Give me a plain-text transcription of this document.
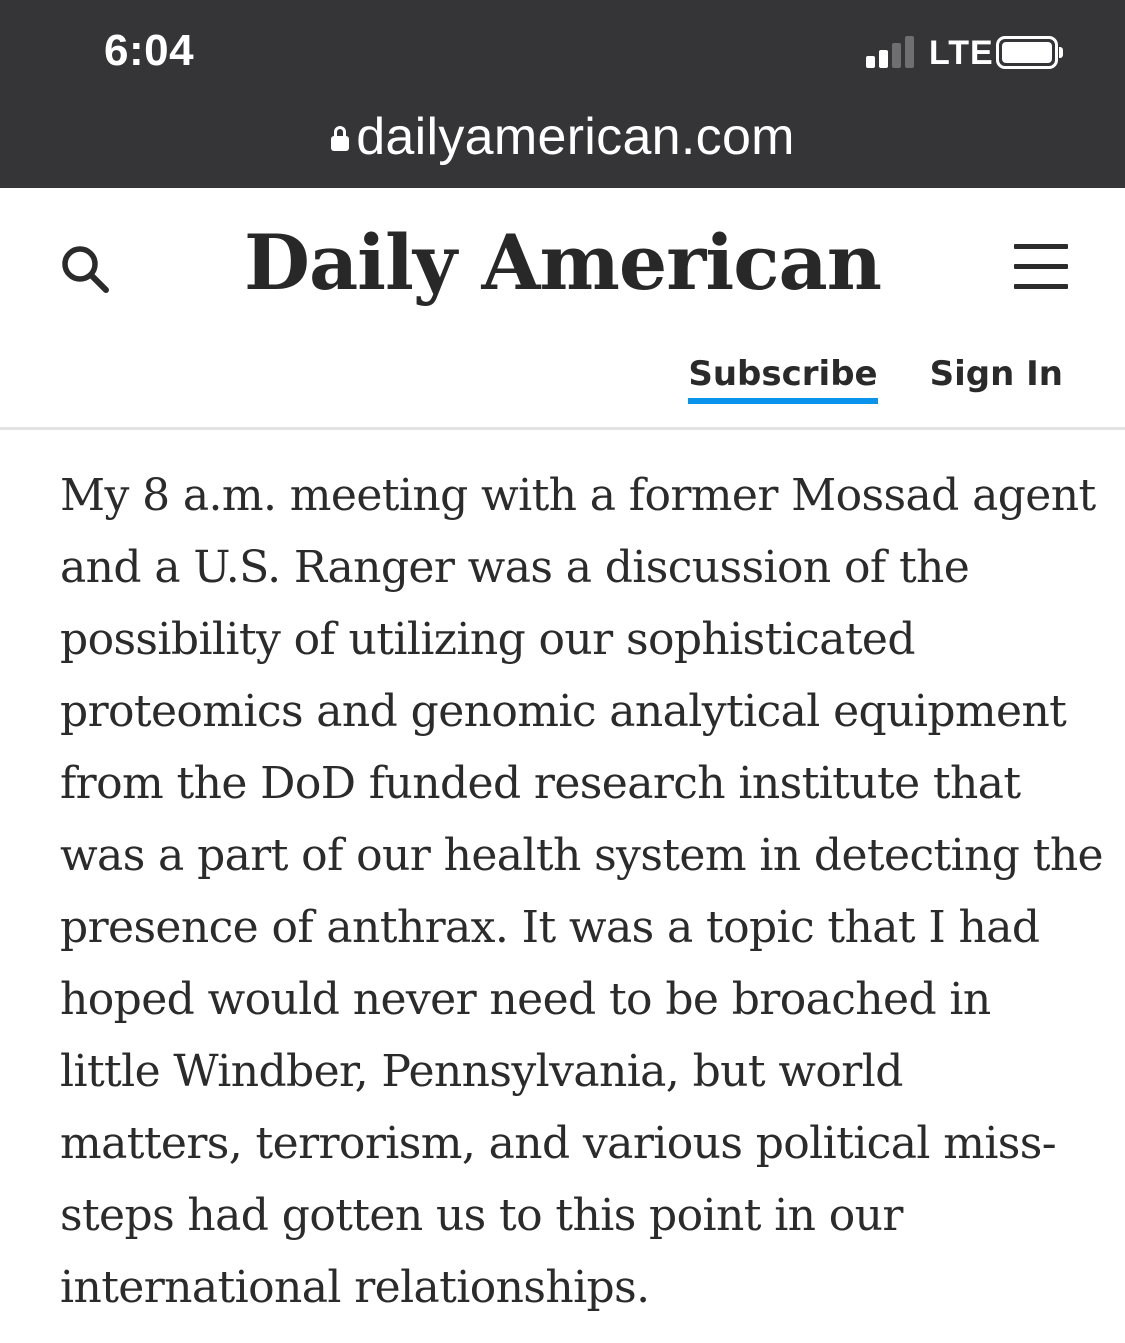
6:04	LTE
dailyamerican.com
Daily American
Subscribe Sign In
My 8 a.m. meeting with a former Mossad agent
and a U.S. Ranger was a discussion of the
possibility of utilizing our sophisticated
proteomics and genomic analytical equipment
from the DoD funded research institute that
was a part of our health system in detecting the
presence of anthrax. It was a topic that I had
hoped would never need to be broached in
little Windber, Pennsylvania, but world
matters, terrorism, and various political miss-
steps had gotten us to this point in our
international relationships.
